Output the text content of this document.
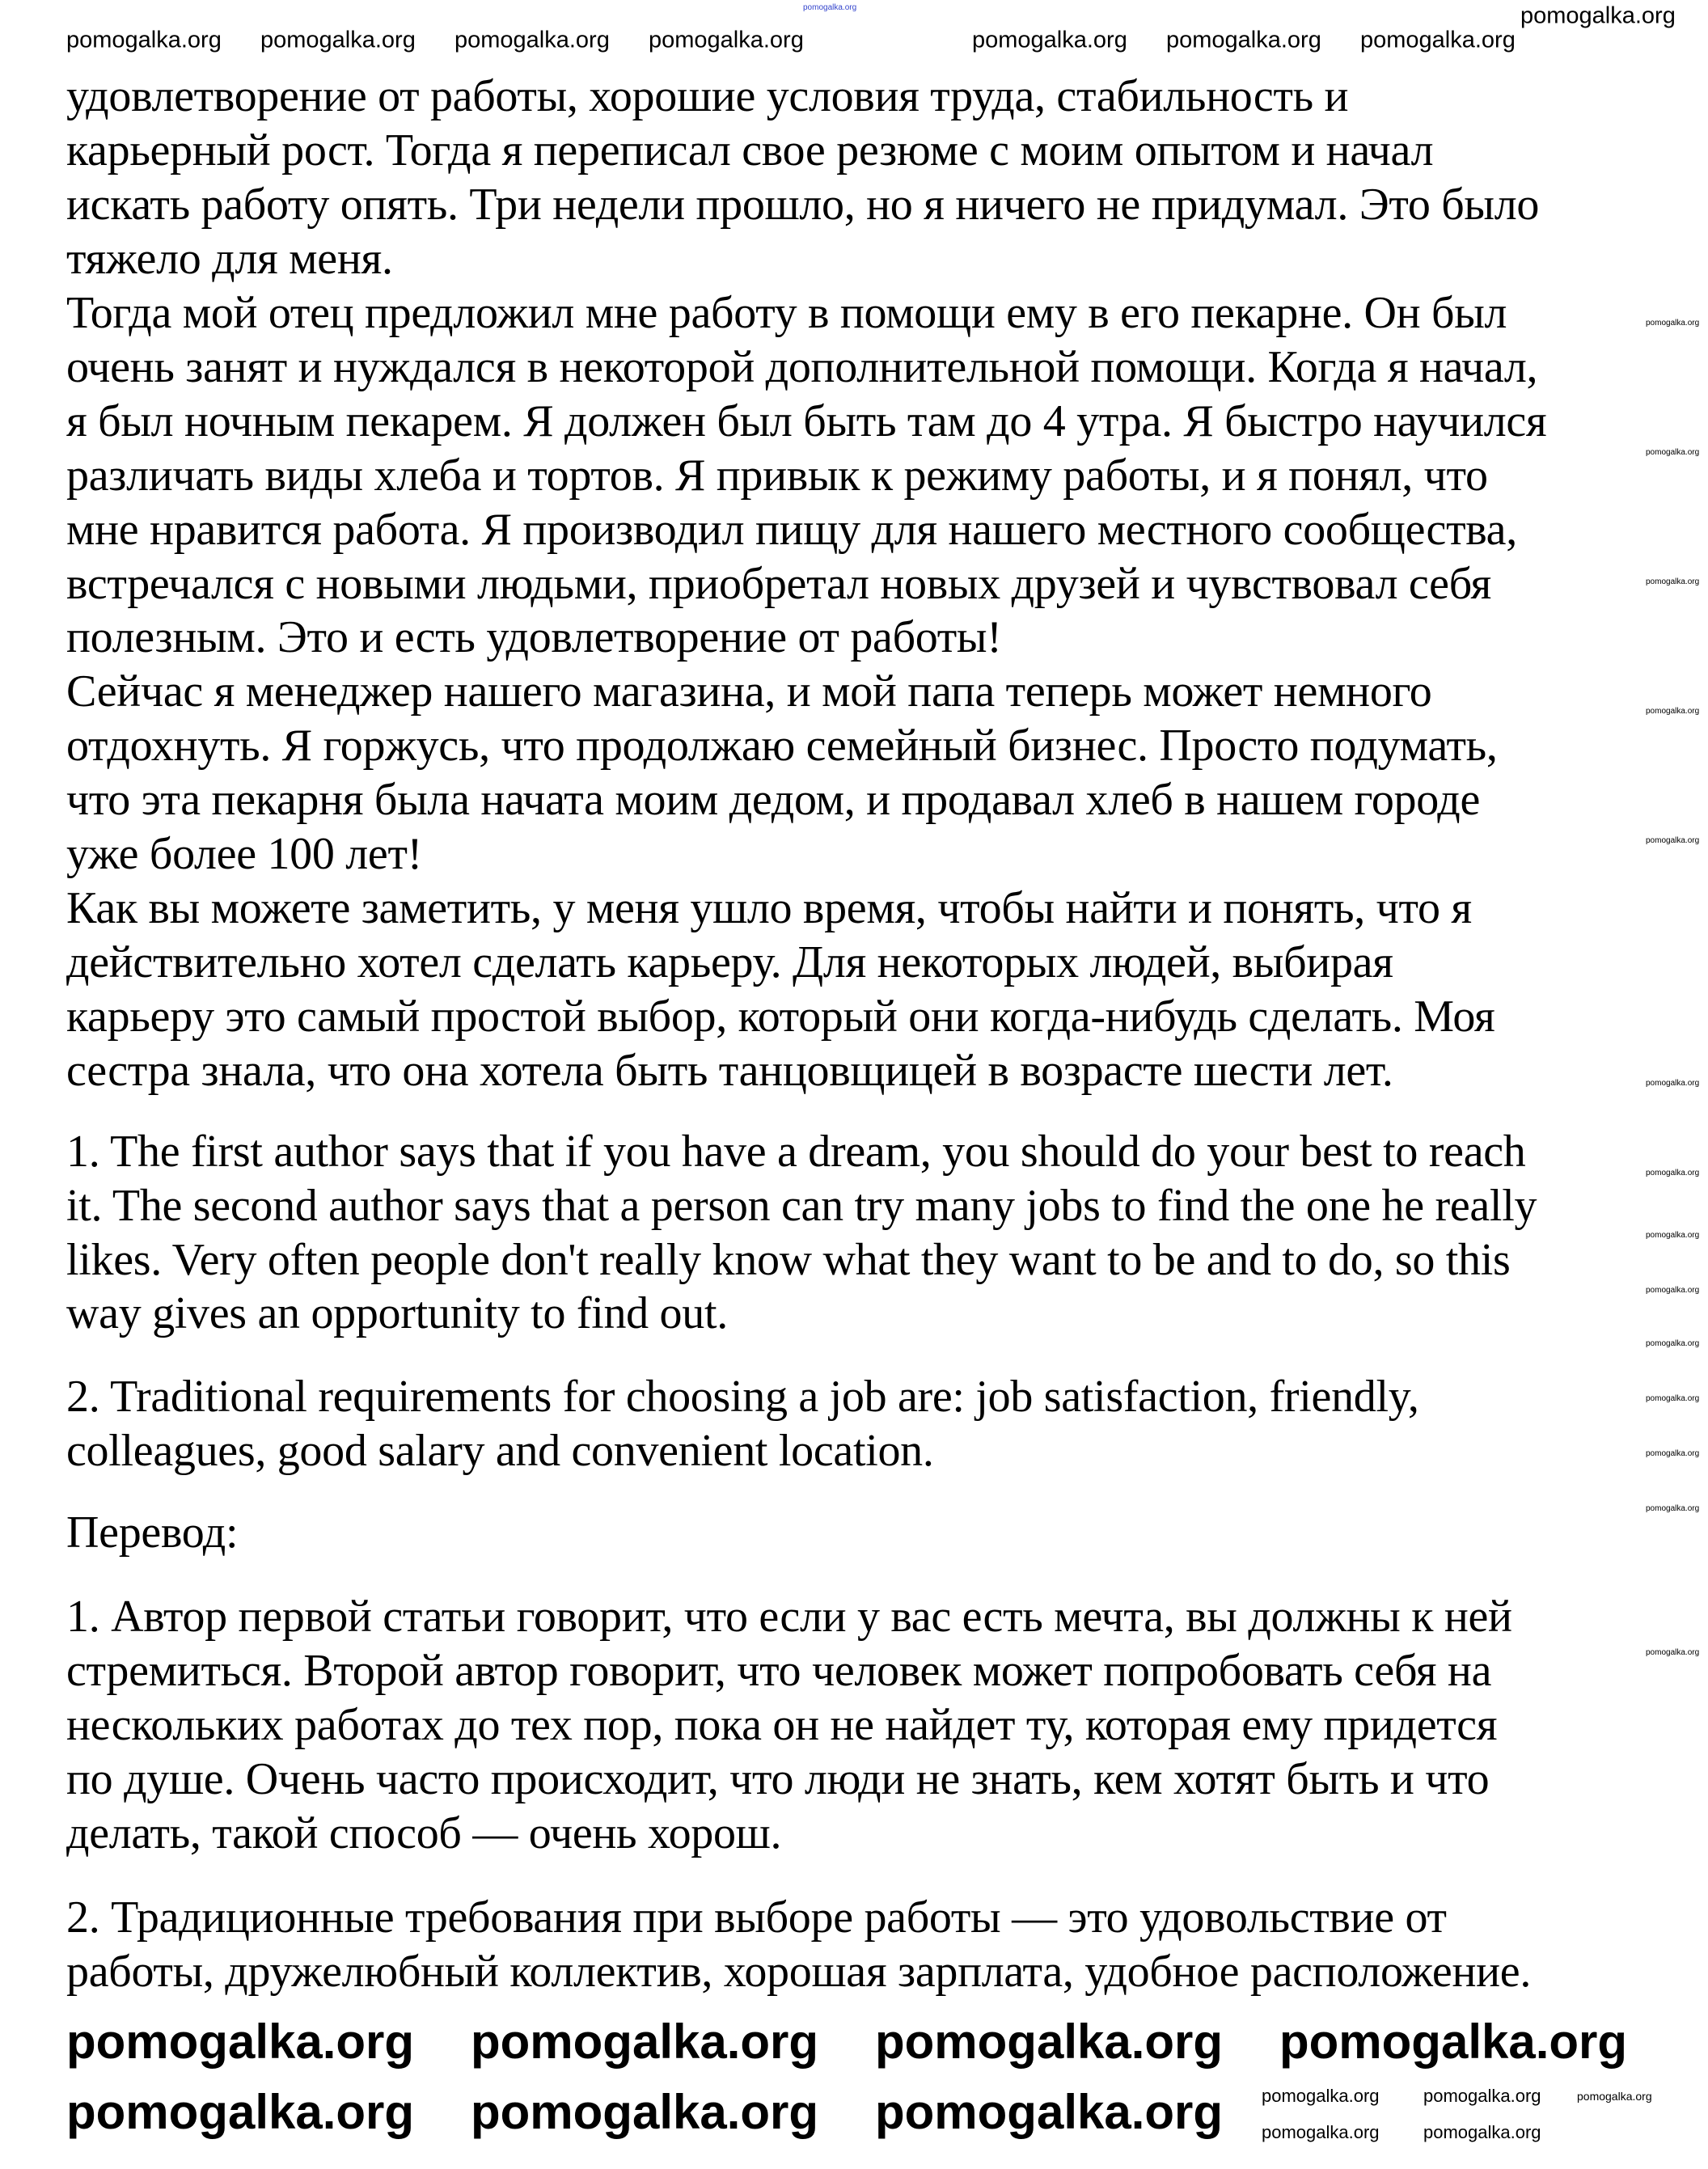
удовлетворение от работы, хорошие условия труда, стабильность и
карьерный рост. Тогда я переписал свое резюме с моим опытом и начал
искать работу опять. Три недели прошло, но я ничего не придумал. Это было
тяжело для меня.
Тогда мой отец предложил мне работу в помощи ему в его пекарне. Он был
очень занят и нуждался в некоторой дополнительной помощи. Когда я начал,
я был ночным пекарем. Я должен был быть там до 4 утра. Я быстро научился
различать виды хлеба и тортов. Я привык к режиму работы, и я понял, что
мне нравится работа. Я производил пищу для нашего местного сообщества,
встречался с новыми людьми, приобретал новых друзей и чувствовал себя
полезным. Это и есть удовлетворение от работы!
Сейчас я менеджер нашего магазина, и мой папа теперь может немного
отдохнуть. Я горжусь, что продолжаю семейный бизнес. Просто подумать,
что эта пекарня была начата моим дедом, и продавал хлеб в нашем городе
уже более 100 лет!
Как вы можете заметить, у меня ушло время, чтобы найти и понять, что я
действительно хотел сделать карьеру. Для некоторых людей, выбирая
карьеру это самый простой выбор, который они когда-нибудь сделать. Моя
сестра знала, что она хотела быть танцовщицей в возрасте шести лет.
1. The first author says that if you have a dream, you should do your best to reach
it. The second author says that a person can try many jobs to find the one he really
likes. Very often people don't really know what they want to be and to do, so this
way gives an opportunity to find out.
2. Traditional requirements for choosing a job are: job satisfaction, friendly,
colleagues, good salary and convenient location.
Перевод:
1. Автор первой статьи говорит, что если у вас есть мечта, вы должны к ней
стремиться. Второй автор говорит, что человек может попробовать себя на
нескольких работах до тех пор, пока он не найдет ту, которая ему придется
по душе. Очень часто происходит, что люди не знать, кем хотят быть и что
делать, такой способ — очень хорош.
2. Традиционные требования при выборе работы — это удовольствие от
работы, дружелюбный коллектив, хорошая зарплата, удобное расположение.
pomogalka.org
pomogalka.org pomogalka.org pomogalka.org pomogalka.org	pomogalka.org pomogalka.org pomogalka.org
pomogalka.org
pomogalka.org
pomogalka.org
pomogalka.org
pomogalka.org
pomogalka.org
pomogalka.org
pomogalka.org
pomogalka.org
pomogalka.org
pomogalka.org
pomogalka.org
pomogalka.org
pomogalka.org
pomogalka.org
pomogalka.org pomogalka.org pomogalka.org pomogalka.org
pomogalka.org pomogalka.org pomogalka.org pomogalka.org pomogalka.org
pomogalka.org pomogalka.org
pomogalka.org
